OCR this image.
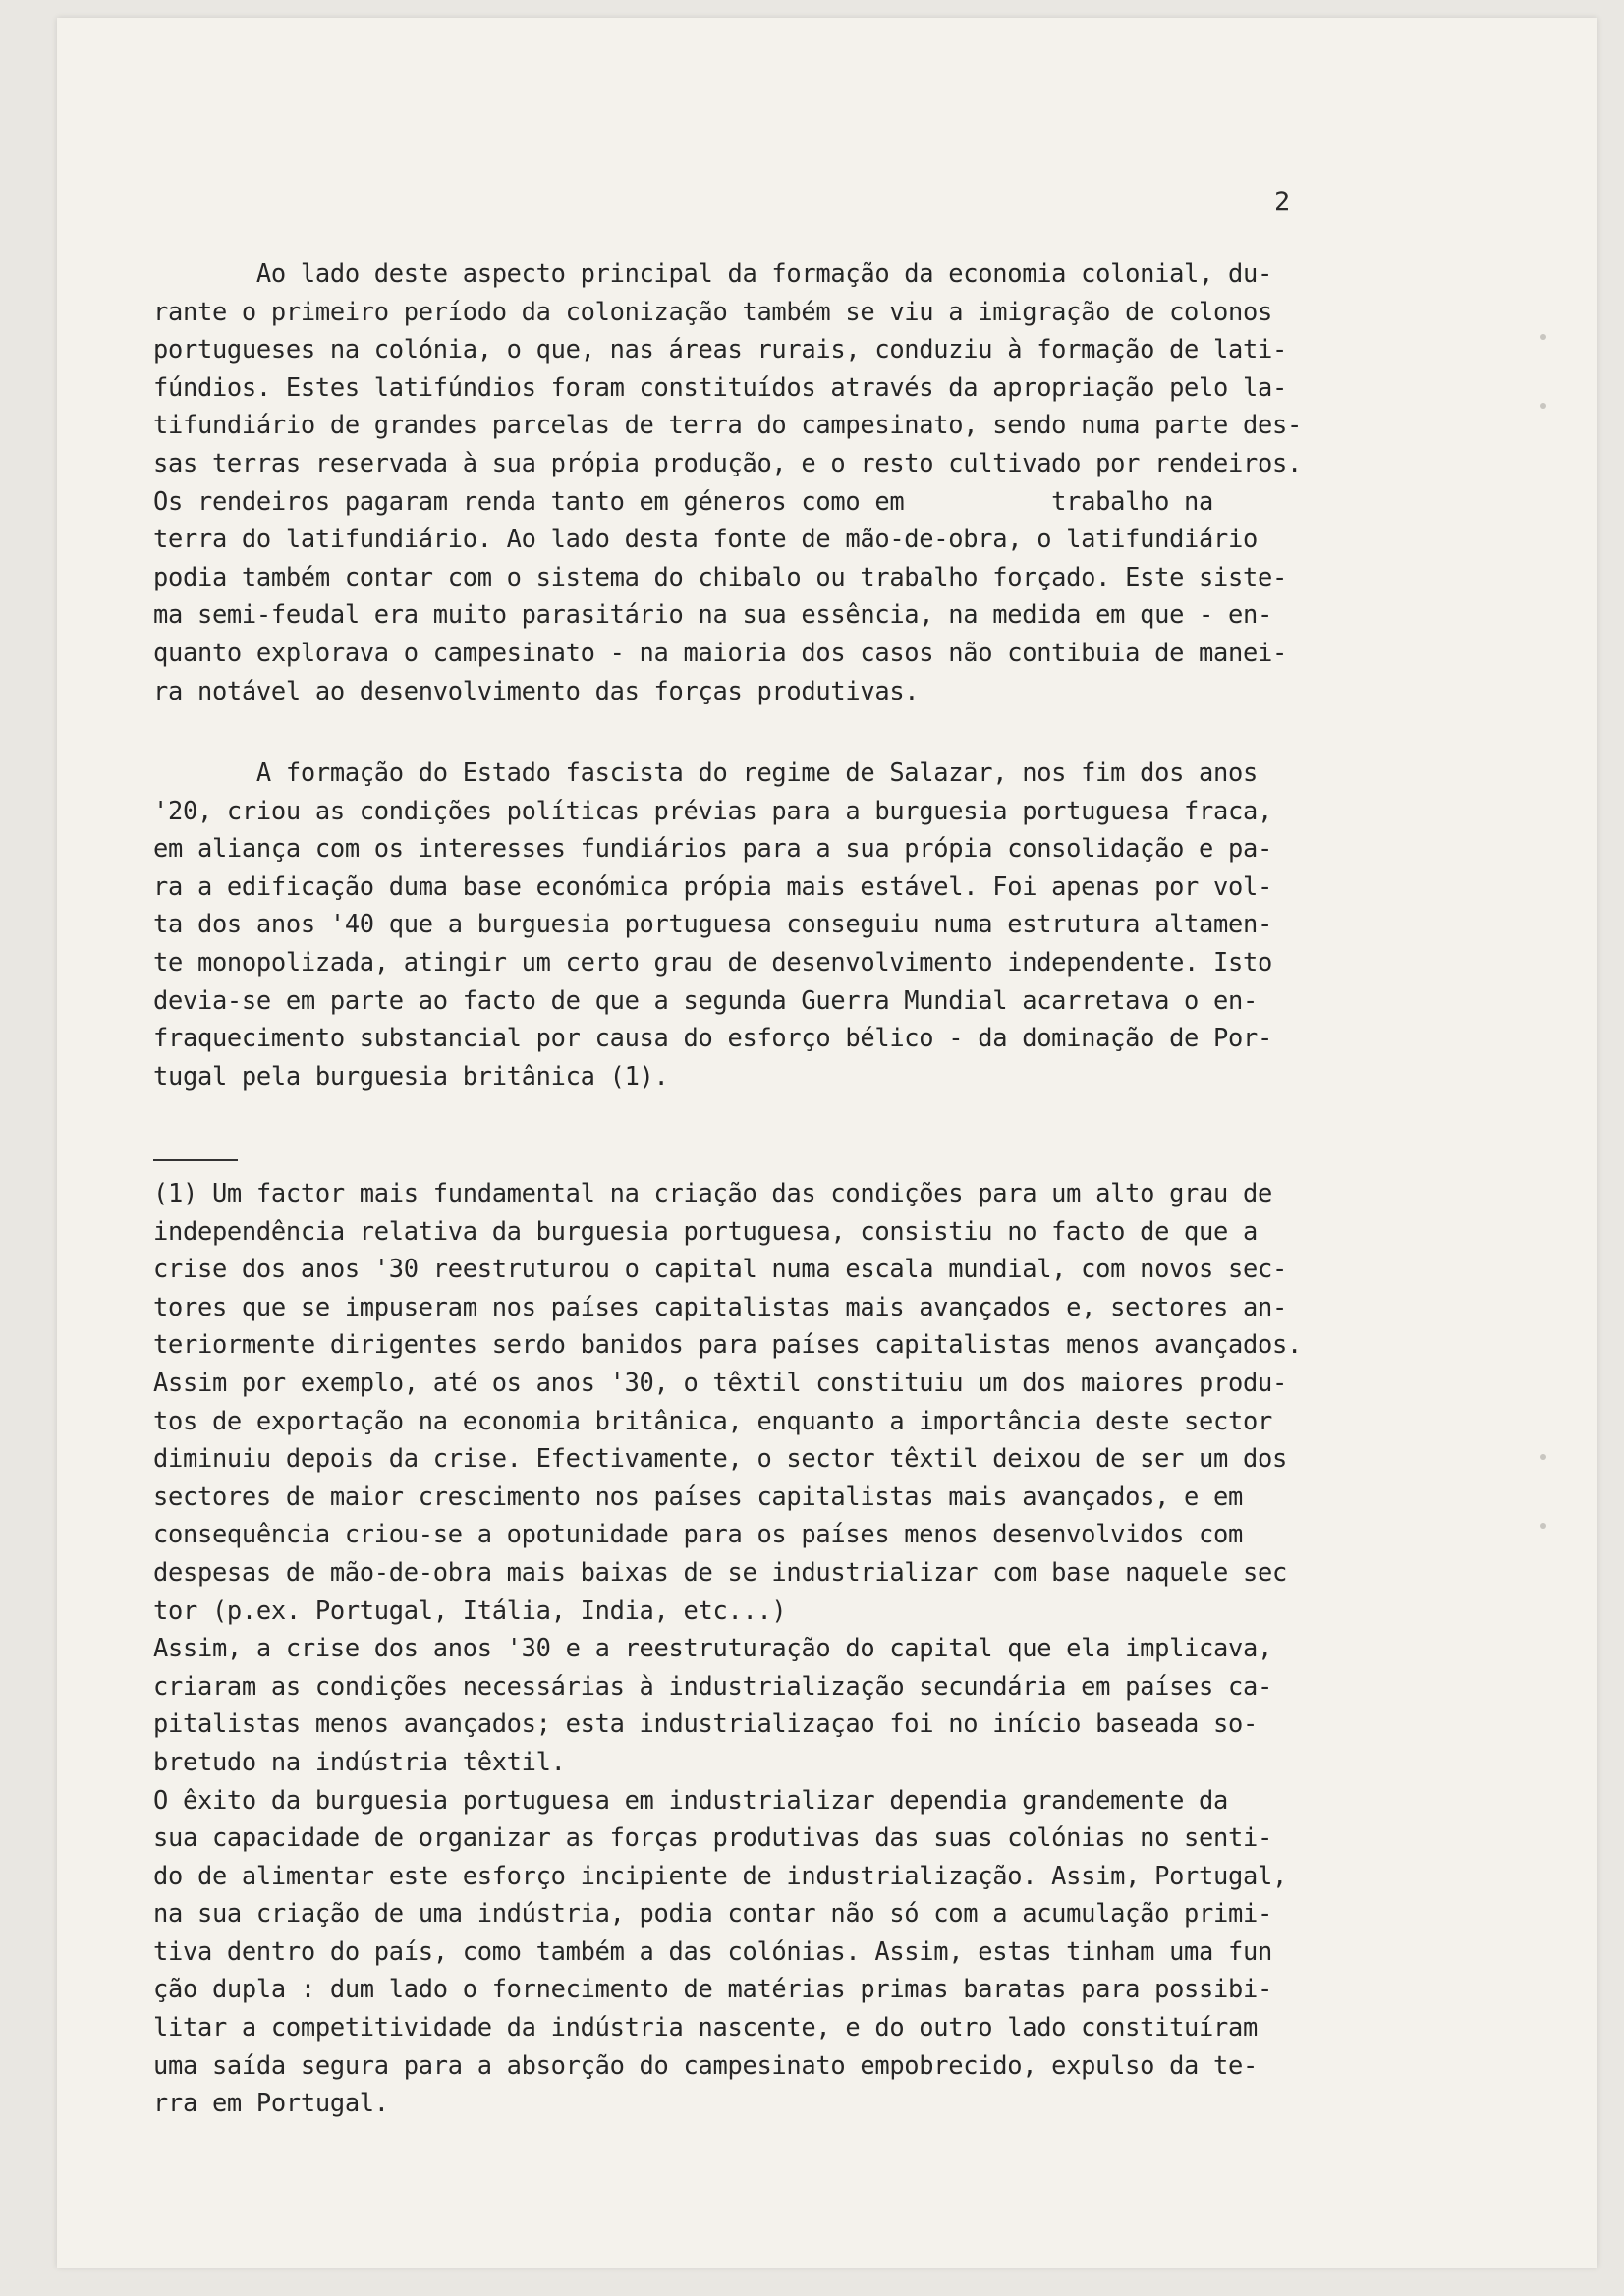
2
Ao lado deste aspecto principal da formação da economia colonial, du-
rante o primeiro período da colonização também se viu a imigração de colonos
portugueses na colónia, o que, nas áreas rurais, conduziu à formação de lati-
fúndios. Estes latifúndios foram constituídos através da apropriação pelo la-
tifundiário de grandes parcelas de terra do campesinato, sendo numa parte des-
sas terras reservada à sua própia produção, e o resto cultivado por rendeiros.
Os rendeiros pagaram renda tanto em géneros como em          trabalho na
terra do latifundiário. Ao lado desta fonte de mão-de-obra, o latifundiário
podia também contar com o sistema do chibalo ou trabalho forçado. Este siste-
ma semi-feudal era muito parasitário na sua essência, na medida em que - en-
quanto explorava o campesinato - na maioria dos casos não contibuia de manei-
ra notável ao desenvolvimento das forças produtivas.
A formação do Estado fascista do regime de Salazar, nos fim dos anos
'20, criou as condições políticas prévias para a burguesia portuguesa fraca,
em aliança com os interesses fundiários para a sua própia consolidação e pa-
ra a edificação duma base económica própia mais estável. Foi apenas por vol-
ta dos anos '40 que a burguesia portuguesa conseguiu numa estrutura altamen-
te monopolizada, atingir um certo grau de desenvolvimento independente. Isto
devia-se em parte ao facto de que a segunda Guerra Mundial acarretava o en-
fraquecimento substancial por causa do esforço bélico - da dominação de Por-
tugal pela burguesia britânica (1).
(1) Um factor mais fundamental na criação das condições para um alto grau de
independência relativa da burguesia portuguesa, consistiu no facto de que a
crise dos anos '30 reestruturou o capital numa escala mundial, com novos sec-
tores que se impuseram nos países capitalistas mais avançados e, sectores an-
teriormente dirigentes serdo banidos para países capitalistas menos avançados.
Assim por exemplo, até os anos '30, o têxtil constituiu um dos maiores produ-
tos de exportação na economia britânica, enquanto a importância deste sector
diminuiu depois da crise. Efectivamente, o sector têxtil deixou de ser um dos
sectores de maior crescimento nos países capitalistas mais avançados, e em
consequência criou-se a opotunidade para os países menos desenvolvidos com
despesas de mão-de-obra mais baixas de se industrializar com base naquele sec
tor (p.ex. Portugal, Itália, India, etc...)
Assim, a crise dos anos '30 e a reestruturação do capital que ela implicava,
criaram as condições necessárias à industrialização secundária em países ca-
pitalistas menos avançados; esta industrializaçao foi no início baseada so-
bretudo na indústria têxtil.
O êxito da burguesia portuguesa em industrializar dependia grandemente da
sua capacidade de organizar as forças produtivas das suas colónias no senti-
do de alimentar este esforço incipiente de industrialização. Assim, Portugal,
na sua criação de uma indústria, podia contar não só com a acumulação primi-
tiva dentro do país, como também a das colónias. Assim, estas tinham uma fun
ção dupla : dum lado o fornecimento de matérias primas baratas para possibi-
litar a competitividade da indústria nascente, e do outro lado constituíram
uma saída segura para a absorção do campesinato empobrecido, expulso da te-
rra em Portugal.
